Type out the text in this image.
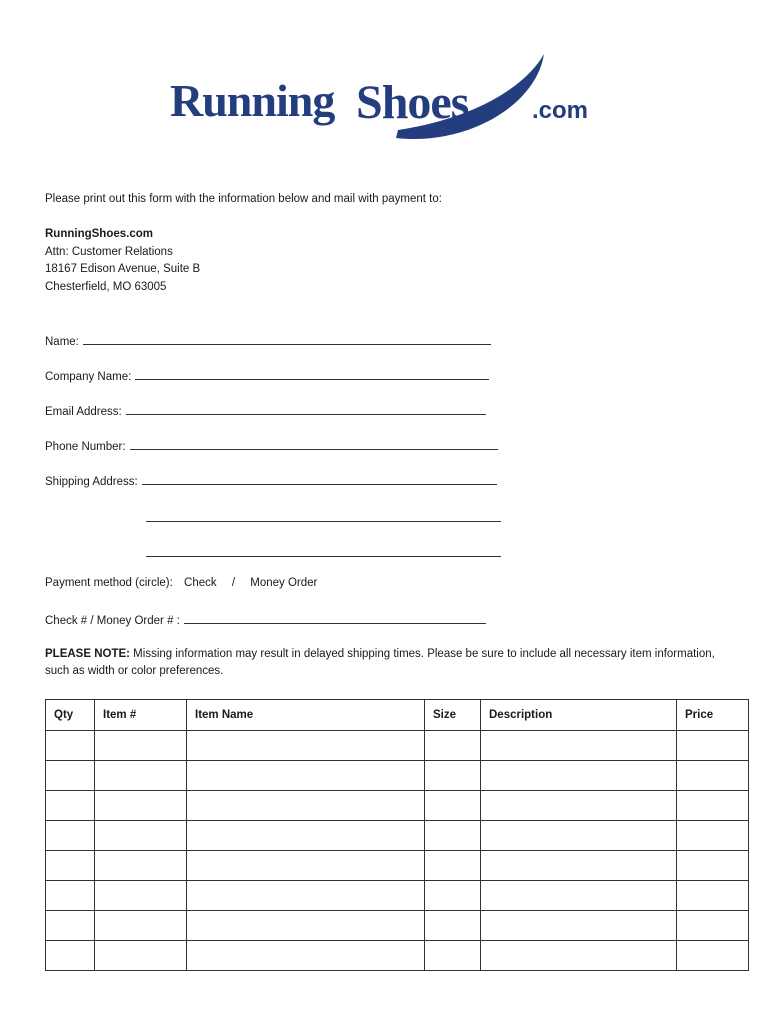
Running Shoes	.com
Please print out this form with the information below and mail with payment to:
RunningShoes.com
Attn: Customer Relations
18167 Edison Avenue, Suite B
Chesterfield, MO 63005
Name:
Company Name:
Email Address:
Phone Number:
Shipping Address:
Payment method (circle): Check / Money Order
Check # / Money Order # :
PLEASE NOTE: Missing information may result in delayed shipping times. Please be sure to include all necessary item information, such as width or color preferences.
Qty	Item #	Item Name	Size	Description	Price
